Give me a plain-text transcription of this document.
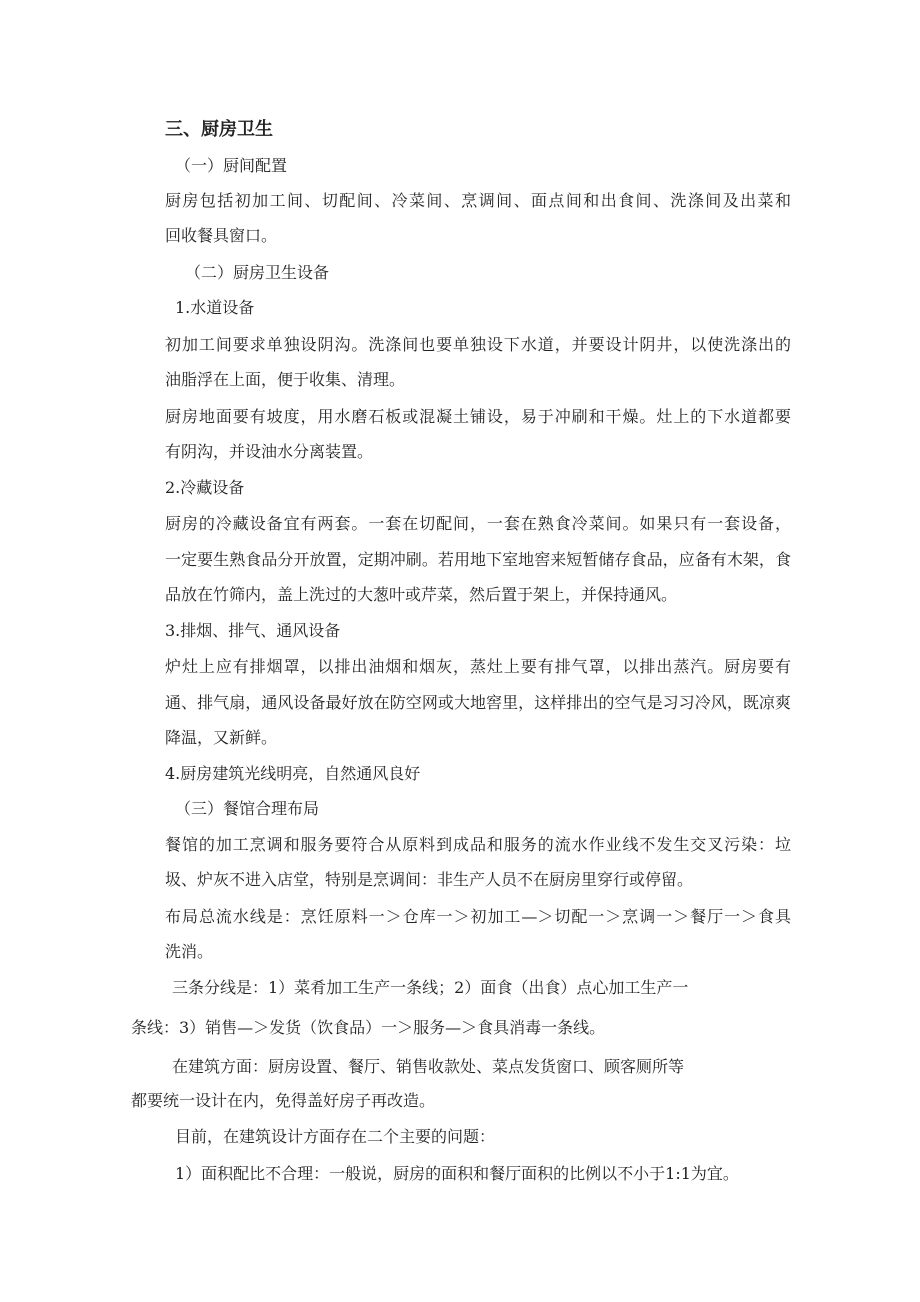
三、厨房卫生

（一）厨间配置

厨房包括初加工间、切配间、冷菜间、烹调间、面点间和出食间、洗涤间及出菜和

回收餐具窗口。

（二）厨房卫生设备

1.水道设备

初加工间要求单独设阴沟。洗涤间也要单独设下水道，并要设计阴井，以使洗涤出的

油脂浮在上面，便于收集、清理。

厨房地面要有坡度，用水磨石板或混凝土铺设，易于冲刷和干燥。灶上的下水道都要

有阴沟，并设油水分离装置。

2.冷藏设备

厨房的冷藏设备宜有两套。一套在切配间，一套在熟食冷菜间。如果只有一套设备，

一定要生熟食品分开放置，定期冲刷。若用地下室地窖来短暂储存食品，应备有木架，食

品放在竹筛内，盖上洗过的大葱叶或芹菜，然后置于架上，并保持通风。

3.排烟、排气、通风设备

炉灶上应有排烟罩，以排出油烟和烟灰，蒸灶上要有排气罩，以排出蒸汽。厨房要有

通、排气扇，通风设备最好放在防空网或大地窖里，这样排出的空气是习习冷风，既凉爽

降温，又新鲜。

4.厨房建筑光线明亮，自然通风良好

（三）餐馆合理布局

餐馆的加工烹调和服务要符合从原料到成品和服务的流水作业线不发生交叉污染：垃

圾、炉灰不进入店堂，特别是烹调间：非生产人员不在厨房里穿行或停留。

布局总流水线是：烹饪原料一＞仓库一＞初加工—＞切配一＞烹调一＞餐厅一＞食具

洗消。

三条分线是：1）菜肴加工生产一条线；2）面食（出食）点心加工生产一

条线：3）销售—＞发货（饮食品）一＞服务—＞食具消毒一条线。

在建筑方面：厨房设置、餐厅、销售收款处、菜点发货窗口、顾客厕所等

都要统一设计在内，免得盖好房子再改造。

目前，在建筑设计方面存在二个主要的问题：

1）面积配比不合理：一般说，厨房的面积和餐厅面积的比例以不小于1:1为宜。
